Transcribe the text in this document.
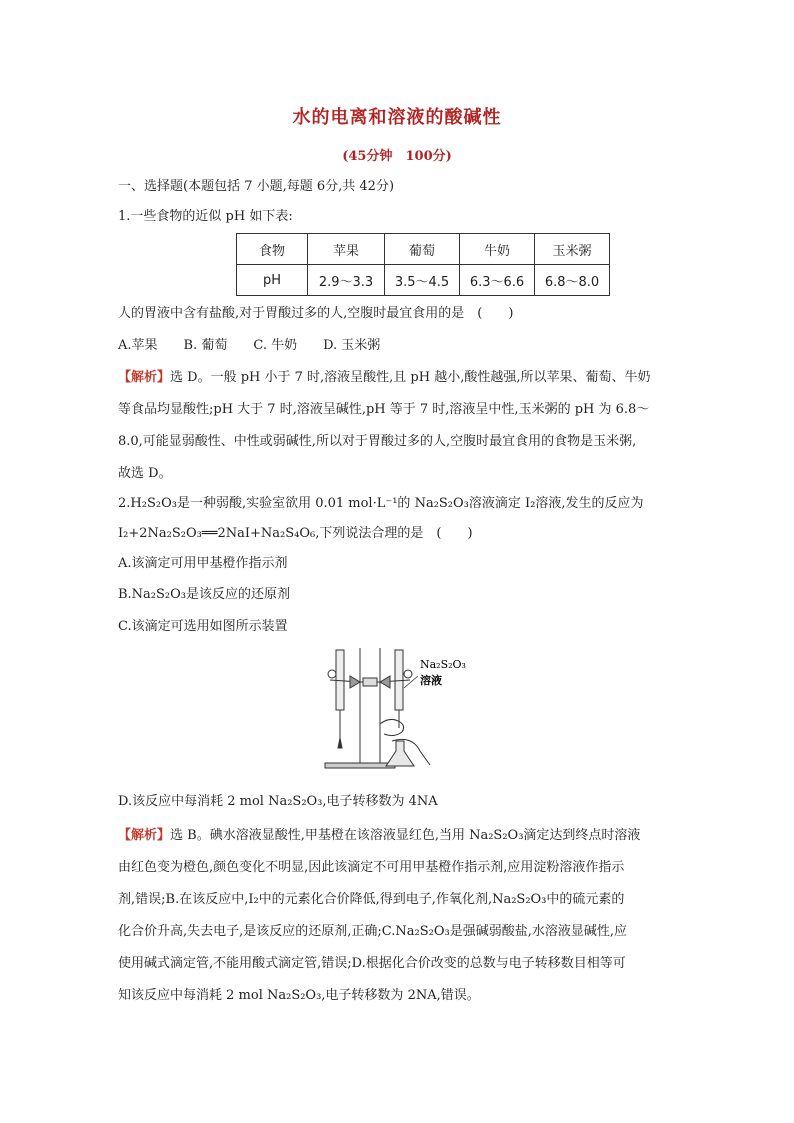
水的电离和溶液的酸碱性
(45分钟　100分)
一、选择题(本题包括 7 小题,每题 6分,共 42分)
1.一些食物的近似 pH 如下表:
食物	苹果	葡萄	牛奶	玉米粥
pH	2.9～3.3	3.5～4.5	6.3～6.6	6.8～8.0
人的胃液中含有盐酸,对于胃酸过多的人,空腹时最宜食用的是　(　　)
A.苹果　　B. 葡萄　　C. 牛奶　　D. 玉米粥
【解析】选 D。一般 pH 小于 7 时,溶液呈酸性,且 pH 越小,酸性越强,所以苹果、葡萄、牛奶
等食品均显酸性;pH 大于 7 时,溶液呈碱性,pH 等于 7 时,溶液呈中性,玉米粥的 pH 为 6.8～
8.0,可能显弱酸性、中性或弱碱性,所以对于胃酸过多的人,空腹时最宜食用的食物是玉米粥,
故选 D。
2.H₂S₂O₃是一种弱酸,实验室欲用 0.01 mol·L⁻¹的 Na₂S₂O₃溶液滴定 I₂溶液,发生的反应为
I₂+2Na₂S₂O₃══2NaI+Na₂S₄O₆,下列说法合理的是　(　　)
A.该滴定可用甲基橙作指示剂
B.Na₂S₂O₃是该反应的还原剂
C.该滴定可选用如图所示装置
Na₂S₂O₃
溶液
D.该反应中每消耗 2 mol Na₂S₂O₃,电子转移数为 4NA
【解析】选 B。碘水溶液显酸性,甲基橙在该溶液显红色,当用 Na₂S₂O₃滴定达到终点时溶液
由红色变为橙色,颜色变化不明显,因此该滴定不可用甲基橙作指示剂,应用淀粉溶液作指示
剂,错误;B.在该反应中,I₂中的元素化合价降低,得到电子,作氧化剂,Na₂S₂O₃中的硫元素的
化合价升高,失去电子,是该反应的还原剂,正确;C.Na₂S₂O₃是强碱弱酸盐,水溶液显碱性,应
使用碱式滴定管,不能用酸式滴定管,错误;D.根据化合价改变的总数与电子转移数目相等可
知该反应中每消耗 2 mol Na₂S₂O₃,电子转移数为 2NA,错误。
